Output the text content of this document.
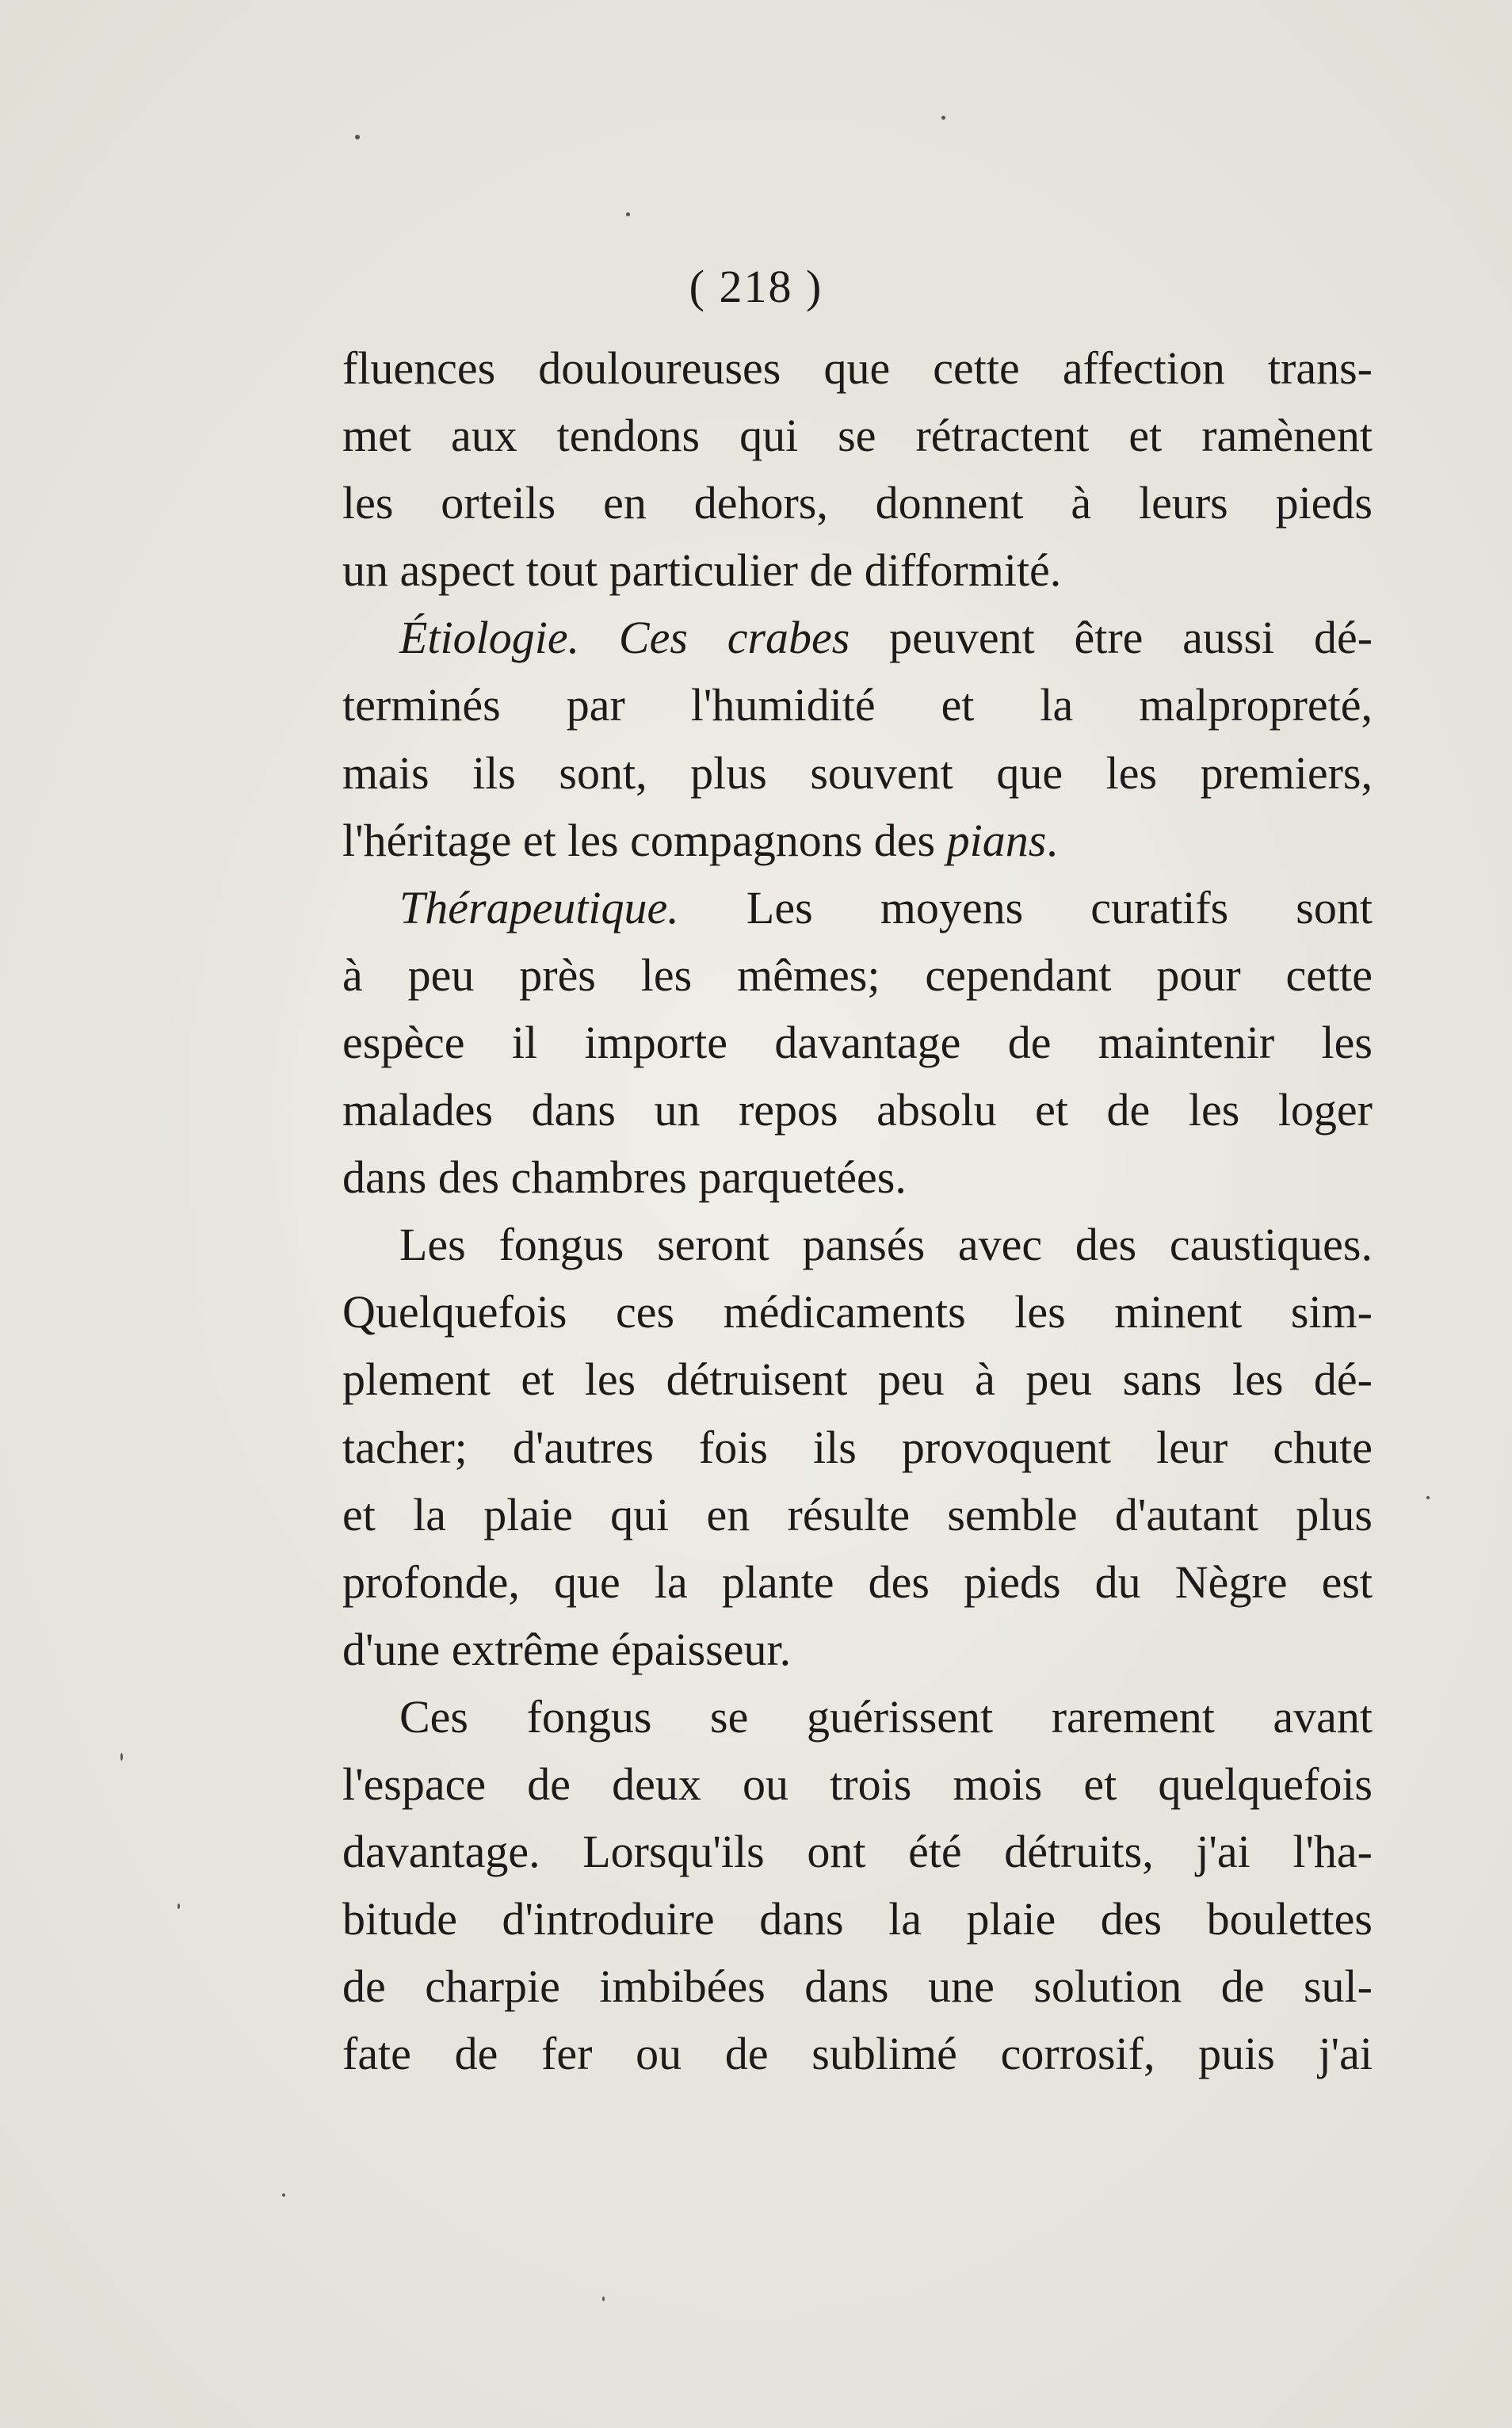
( 218 )

fluences douloureuses que cette affection trans-
met aux tendons qui se rétractent et ramènent
les orteils en dehors, donnent à leurs pieds
un aspect tout particulier de difformité.

Étiologie. Ces crabes peuvent être aussi dé-
terminés par l'humidité et la malpropreté,
mais ils sont, plus souvent que les premiers,
l'héritage et les compagnons des pians.

Thérapeutique. Les moyens curatifs sont
à peu près les mêmes; cependant pour cette
espèce il importe davantage de maintenir les
malades dans un repos absolu et de les loger
dans des chambres parquetées.

Les fongus seront pansés avec des caustiques.
Quelquefois ces médicaments les minent sim-
plement et les détruisent peu à peu sans les dé-
tacher; d'autres fois ils provoquent leur chute
et la plaie qui en résulte semble d'autant plus
profonde, que la plante des pieds du Nègre est
d'une extrême épaisseur.

Ces fongus se guérissent rarement avant
l'espace de deux ou trois mois et quelquefois
davantage. Lorsqu'ils ont été détruits, j'ai l'ha-
bitude d'introduire dans la plaie des boulettes
de charpie imbibées dans une solution de sul-
fate de fer ou de sublimé corrosif, puis j'ai
